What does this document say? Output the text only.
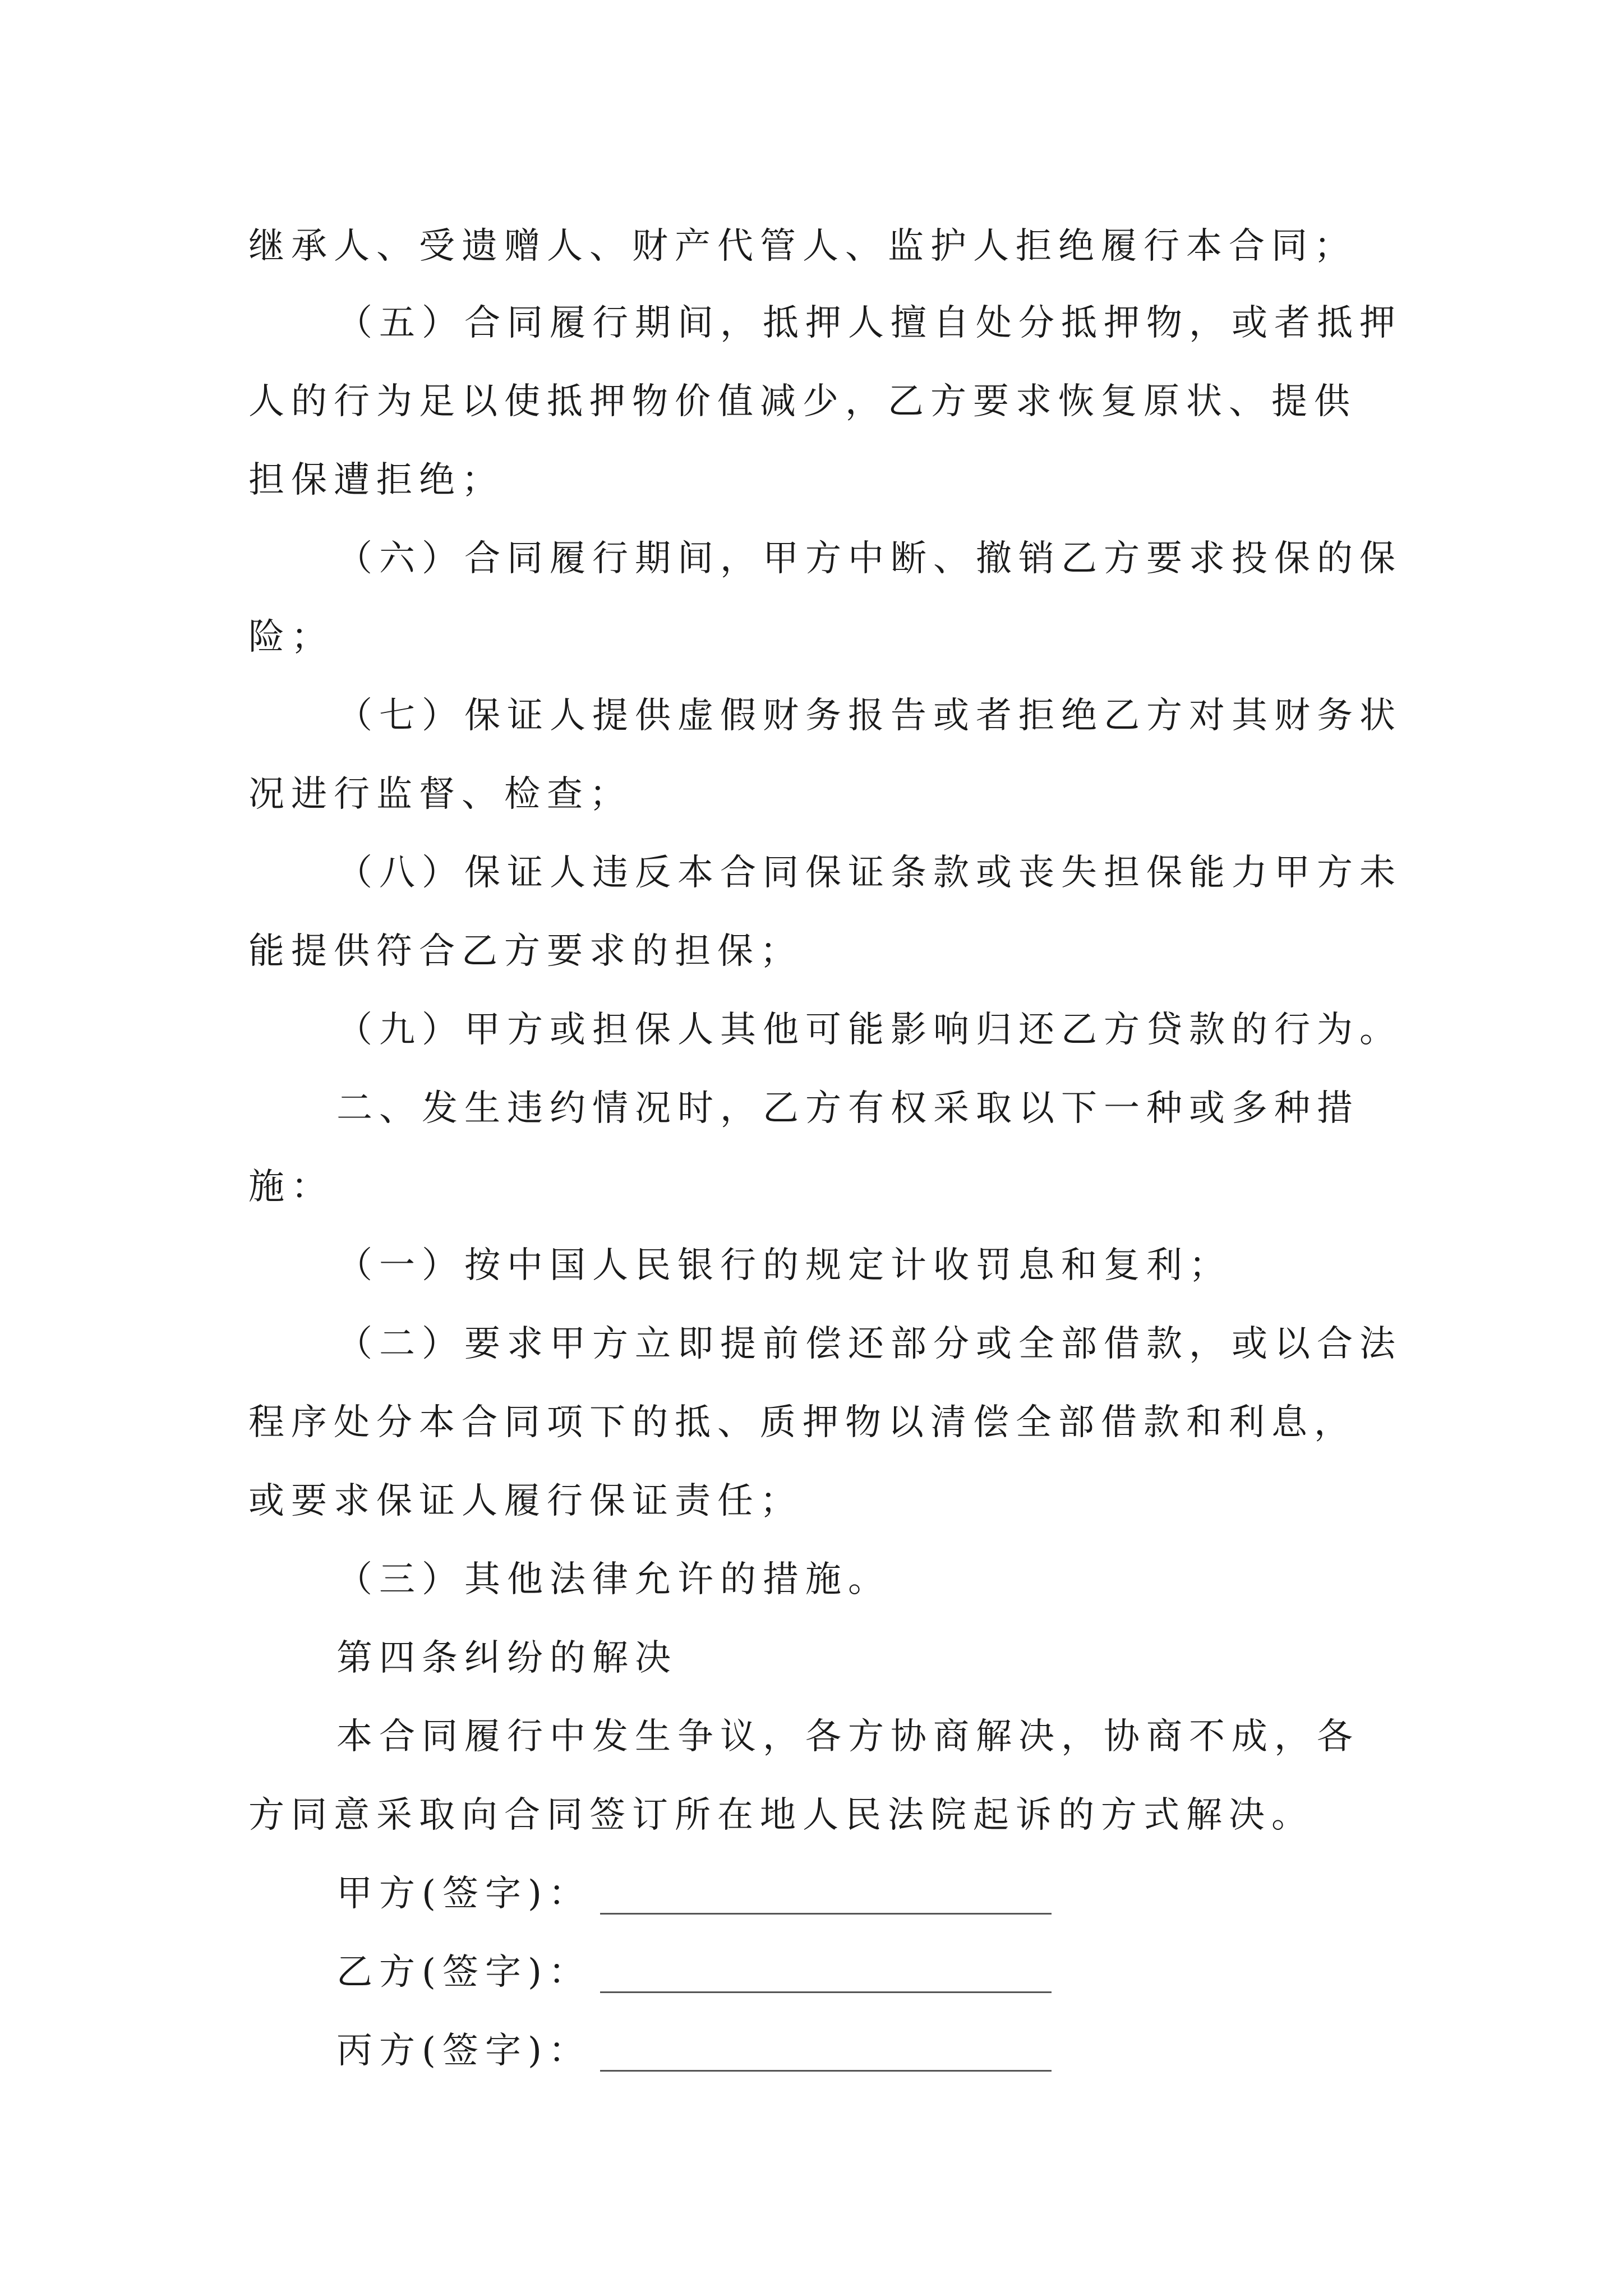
继承人、受遗赠人、财产代管人、监护人拒绝履行本合同；
（五）合同履行期间，抵押人擅自处分抵押物，或者抵押
人的行为足以使抵押物价值减少，乙方要求恢复原状、提供
担保遭拒绝；
（六）合同履行期间，甲方中断、撤销乙方要求投保的保
险；
（七）保证人提供虚假财务报告或者拒绝乙方对其财务状
况进行监督、检查；
（八）保证人违反本合同保证条款或丧失担保能力甲方未
能提供符合乙方要求的担保；
（九）甲方或担保人其他可能影响归还乙方贷款的行为。
二、发生违约情况时，乙方有权采取以下一种或多种措
施：
（一）按中国人民银行的规定计收罚息和复利；
（二）要求甲方立即提前偿还部分或全部借款，或以合法
程序处分本合同项下的抵、质押物以清偿全部借款和利息，
或要求保证人履行保证责任；
（三）其他法律允许的措施。
第四条纠纷的解决
本合同履行中发生争议，各方协商解决，协商不成，各
方同意采取向合同签订所在地人民法院起诉的方式解决。
甲方(签字)：
乙方(签字)：
丙方(签字)：
